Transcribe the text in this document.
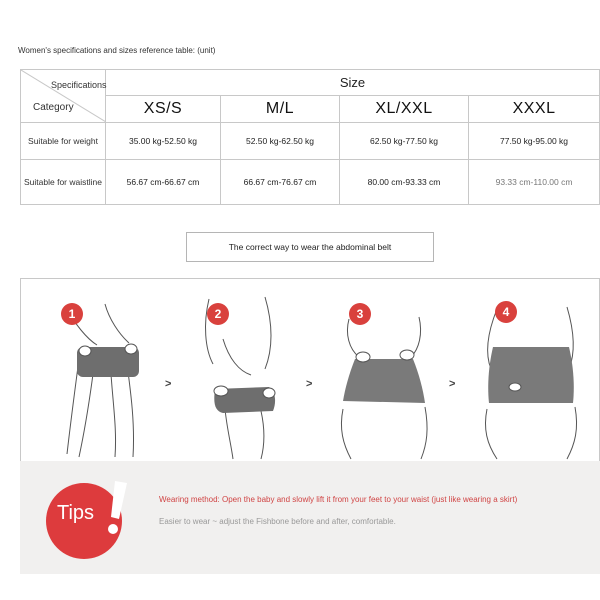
Women's specifications and sizes reference table: (unit)
Specifications
Category	Size			
	XS/S	M/L	XL/XXL	XXXL
Suitable for weight	35.00 kg-52.50 kg	52.50 kg-62.50 kg	62.50 kg-77.50 kg	77.50 kg-95.00 kg
Suitable for waistline	56.67 cm-66.67 cm	66.67 cm-76.67 cm	80.00 cm-93.33 cm	93.33 cm-110.00 cm
The correct way to wear the abdominal belt
1
>
2
>
3
>
4
Tips
Wearing method: Open the baby and slowly lift it from your feet to your waist (just like wearing a skirt)
Easier to wear ~ adjust the Fishbone before and after, comfortable.
